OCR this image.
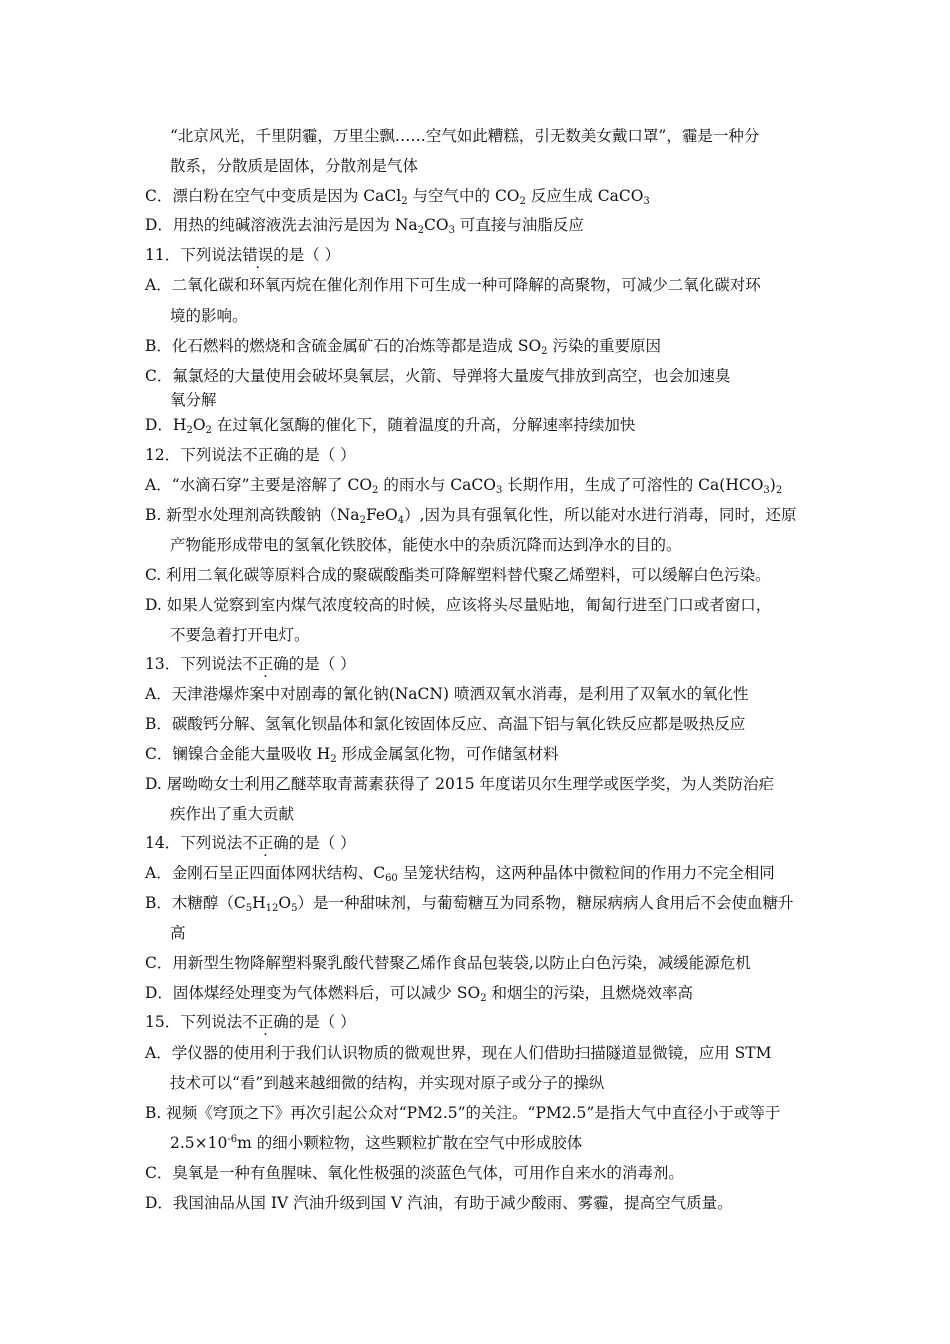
“北京风光，千里阴霾，万里尘飘……空气如此糟糕，引无数美女戴口罩”，霾是一种分
散系，分散质是固体，分散剂是气体
C．漂白粉在空气中变质是因为 CaCl$_2$ 与空气中的 $CO_2$ 反应生成 CaCO$_3$
D．用热的纯碱溶液洗去油污是因为 $Na_2CO_3$ 可直接与油脂反应
11．下列说法错误的是（ ）
A．二氧化碳和环氧丙烷在催化剂作用下可生成一种可降解的高聚物，可减少二氧化碳对环
境的影响。
B．化石燃料的燃烧和含硫金属矿石的冶炼等都是造成 $SO_2$ 污染的重要原因
C．氟氯烃的大量使用会破坏臭氧层，火箭、导弹将大量废气排放到高空，也会加速臭
氧分解
D．$H_2O_2$ 在过氧化氢酶的催化下，随着温度的升高，分解速率持续加快
12．下列说法不正确的是（ ）
A．“水滴石穿”主要是溶解了 $CO_2$ 的雨水与 CaCO$_3$ 长期作用，生成了可溶性的 $Ca(HCO_3)_2$
B. 新型水处理剂高铁酸钠$(Na_2FeO_4)$,因为具有强氧化性，所以能对水进行消毒，同时，还原
产物能形成带电的氢氧化铁胶体，能使水中的杂质沉降而达到净水的目的。
C. 利用二氧化碳等原料合成的聚碳酸酯类可降解塑料替代聚乙烯塑料，可以缓解白色污染。
D. 如果人觉察到室内煤气浓度较高的时候，应该将头尽量贴地，匍匐行进至门口或者窗口，
不要急着打开电灯。
13．下列说法不正确的是（ ）
A．天津港爆炸案中对剧毒的氰化钠(NaCN) 喷洒双氧水消毒，是利用了双氧水的氧化性
B．碳酸钙分解、氢氧化钡晶体和氯化铵固体反应、高温下铝与氧化铁反应都是吸热反应
C．镧镍合金能大量吸收 $H_2$ 形成金属氢化物，可作储氢材料
D. 屠呦呦女士利用乙醚萃取青蒿素获得了 2015 年度诺贝尔生理学或医学奖，为人类防治疟
疾作出了重大贡献
14．下列说法不正确的是（ ）
A．金刚石呈正四面体网状结构、$C_{60}$ 呈笼状结构，这两种晶体中微粒间的作用力不完全相同
B．木糖醇$(C_5H_{12}O_5)$是一种甜味剂，与葡萄糖互为同系物，糖尿病病人食用后不会使血糖升
高
C．用新型生物降解塑料聚乳酸代替聚乙烯作食品包装袋,以防止白色污染，减缓能源危机
D．固体煤经处理变为气体燃料后，可以减少 $SO_2$ 和烟尘的污染，且燃烧效率高
15．下列说法不正确的是（ ）
A．学仪器的使用利于我们认识物质的微观世界，现在人们借助扫描隧道显微镜，应用 STM
技术可以“看”到越来越细微的结构，并实现对原子或分子的操纵
B. 视频《穹顶之下》再次引起公众对“PM2.5”的关注。“PM2.5”是指大气中直径小于或等于
$2.5\times 10^{-6}m$ 的细小颗粒物，这些颗粒扩散在空气中形成胶体
C．臭氧是一种有鱼腥味、氧化性极强的淡蓝色气体，可用作自来水的消毒剂。
D．我国油品从国 IV 汽油升级到国 V 汽油，有助于减少酸雨、雾霾，提高空气质量。
